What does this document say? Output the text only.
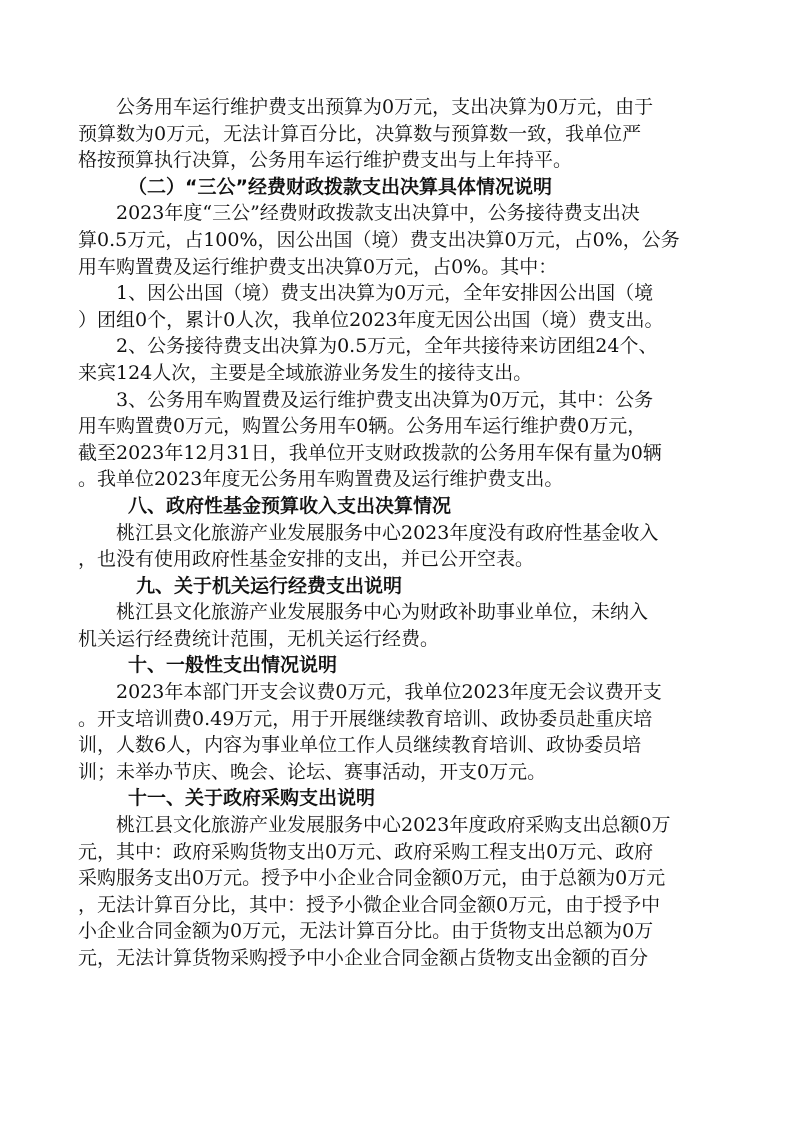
公务用车运行维护费支出预算为0万元，支出决算为0万元，由于
预算数为0万元，无法计算百分比，决算数与预算数一致，我单位严
格按预算执行决算，公务用车运行维护费支出与上年持平。
（二）“三公”经费财政拨款支出决算具体情况说明
2023年度“三公”经费财政拨款支出决算中，公务接待费支出决
算0.5万元，占100%，因公出国（境）费支出决算0万元，占0%，公务
用车购置费及运行维护费支出决算0万元，占0%。其中：
1、因公出国（境）费支出决算为0万元，全年安排因公出国（境
）团组0个，累计0人次，我单位2023年度无因公出国（境）费支出。
2、公务接待费支出决算为0.5万元，全年共接待来访团组24个、
来宾124人次，主要是全域旅游业务发生的接待支出。
3、公务用车购置费及运行维护费支出决算为0万元，其中：公务
用车购置费0万元，购置公务用车0辆。公务用车运行维护费0万元，
截至2023年12月31日，我单位开支财政拨款的公务用车保有量为0辆
。我单位2023年度无公务用车购置费及运行维护费支出。
八、政府性基金预算收入支出决算情况
桃江县文化旅游产业发展服务中心2023年度没有政府性基金收入
，也没有使用政府性基金安排的支出，并已公开空表。
九、关于机关运行经费支出说明
桃江县文化旅游产业发展服务中心为财政补助事业单位，未纳入
机关运行经费统计范围，无机关运行经费。
十、一般性支出情况说明
2023年本部门开支会议费0万元，我单位2023年度无会议费开支
。开支培训费0.49万元，用于开展继续教育培训、政协委员赴重庆培
训，人数6人，内容为事业单位工作人员继续教育培训、政协委员培
训；未举办节庆、晚会、论坛、赛事活动，开支0万元。
十一、关于政府采购支出说明
桃江县文化旅游产业发展服务中心2023年度政府采购支出总额0万
元，其中：政府采购货物支出0万元、政府采购工程支出0万元、政府
采购服务支出0万元。授予中小企业合同金额0万元，由于总额为0万元
，无法计算百分比，其中：授予小微企业合同金额0万元，由于授予中
小企业合同金额为0万元，无法计算百分比。由于货物支出总额为0万
元，无法计算货物采购授予中小企业合同金额占货物支出金额的百分
